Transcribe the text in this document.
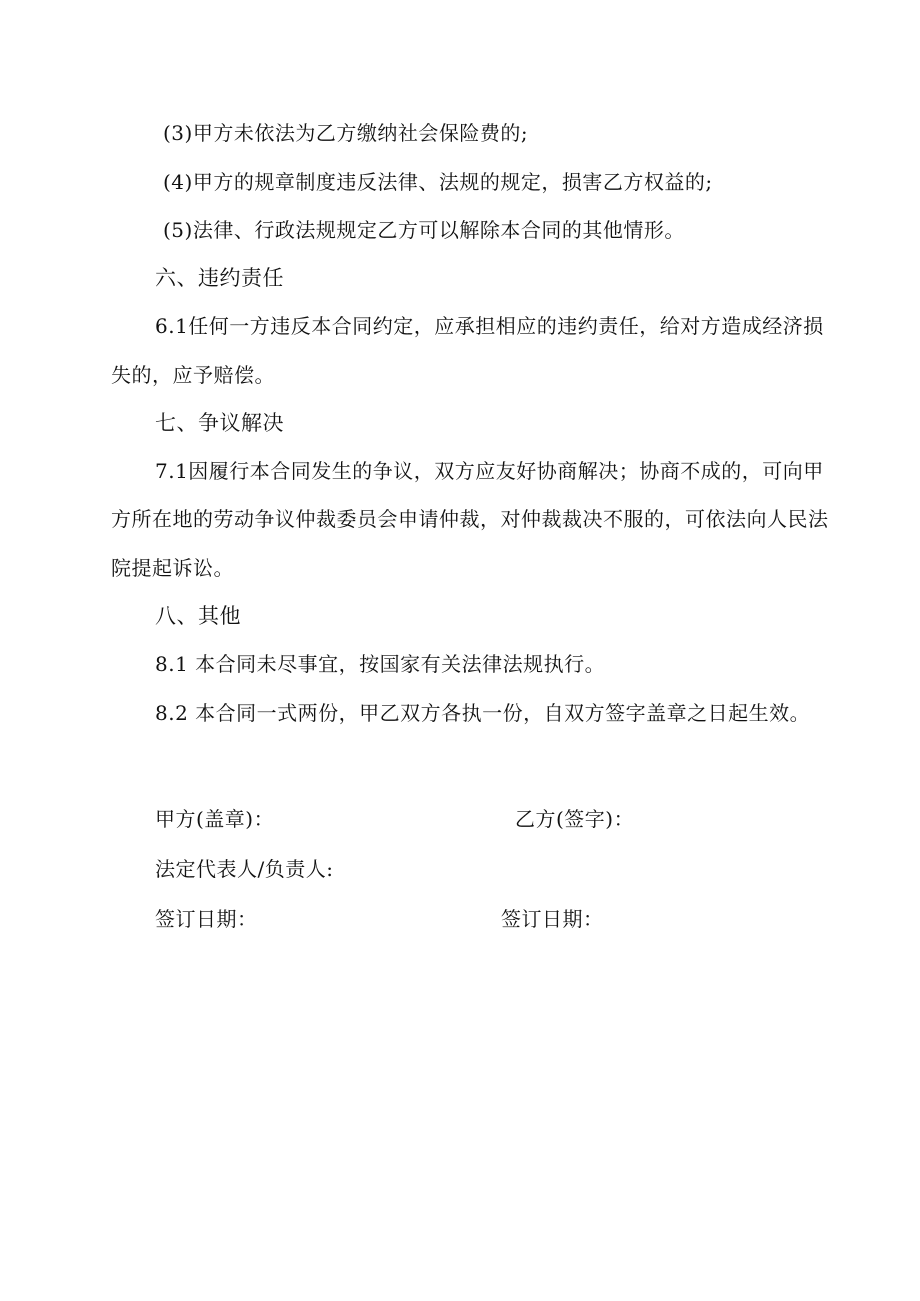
(3)甲方未依法为乙方缴纳社会保险费的;
(4)甲方的规章制度违反法律、法规的规定，损害乙方权益的;
(5)法律、行政法规规定乙方可以解除本合同的其他情形。
六、违约责任
6.1任何一方违反本合同约定，应承担相应的违约责任，给对方造成经济损
失的，应予赔偿。
七、争议解决
7.1因履行本合同发生的争议，双方应友好协商解决；协商不成的，可向甲
方所在地的劳动争议仲裁委员会申请仲裁，对仲裁裁决不服的，可依法向人民法
院提起诉讼。
八、其他
8.1 本合同未尽事宜，按国家有关法律法规执行。
8.2 本合同一式两份，甲乙双方各执一份，自双方签字盖章之日起生效。
甲方(盖章)：	乙方(签字)：
法定代表人/负责人:
签订日期：	签订日期：
